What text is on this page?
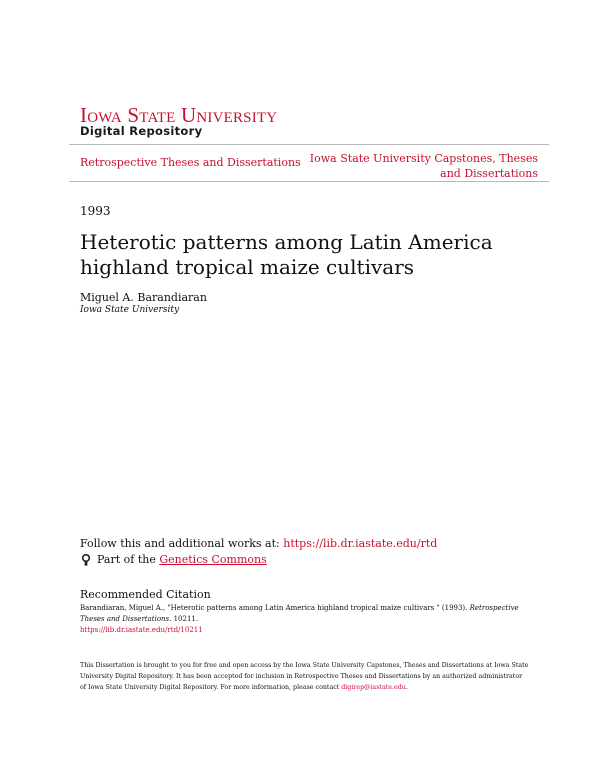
Iowa State University
Digital Repository
Retrospective Theses and Dissertations Iowa State University Capstones, Theses and Dissertations
1993
Heterotic patterns among Latin America highland tropical maize cultivars
Miguel A. Barandiaran
Iowa State University
Follow this and additional works at: https://lib.dr.iastate.edu/rtd
Part of the
Genetics Commons
Recommended Citation
Barandiaran, Miguel A., "Heterotic patterns among Latin America highland tropical maize cultivars " (1993). Retrospective Theses and Dissertations. 10211.
https://lib.dr.iastate.edu/rtd/10211
This Dissertation is brought to you for free and open access by the Iowa State University Capstones, Theses and Dissertations at Iowa State University Digital Repository. It has been accepted for inclusion in Retrospective Theses and Dissertations by an authorized administrator of Iowa State University Digital Repository. For more information, please contact digirep@iastate.edu.
